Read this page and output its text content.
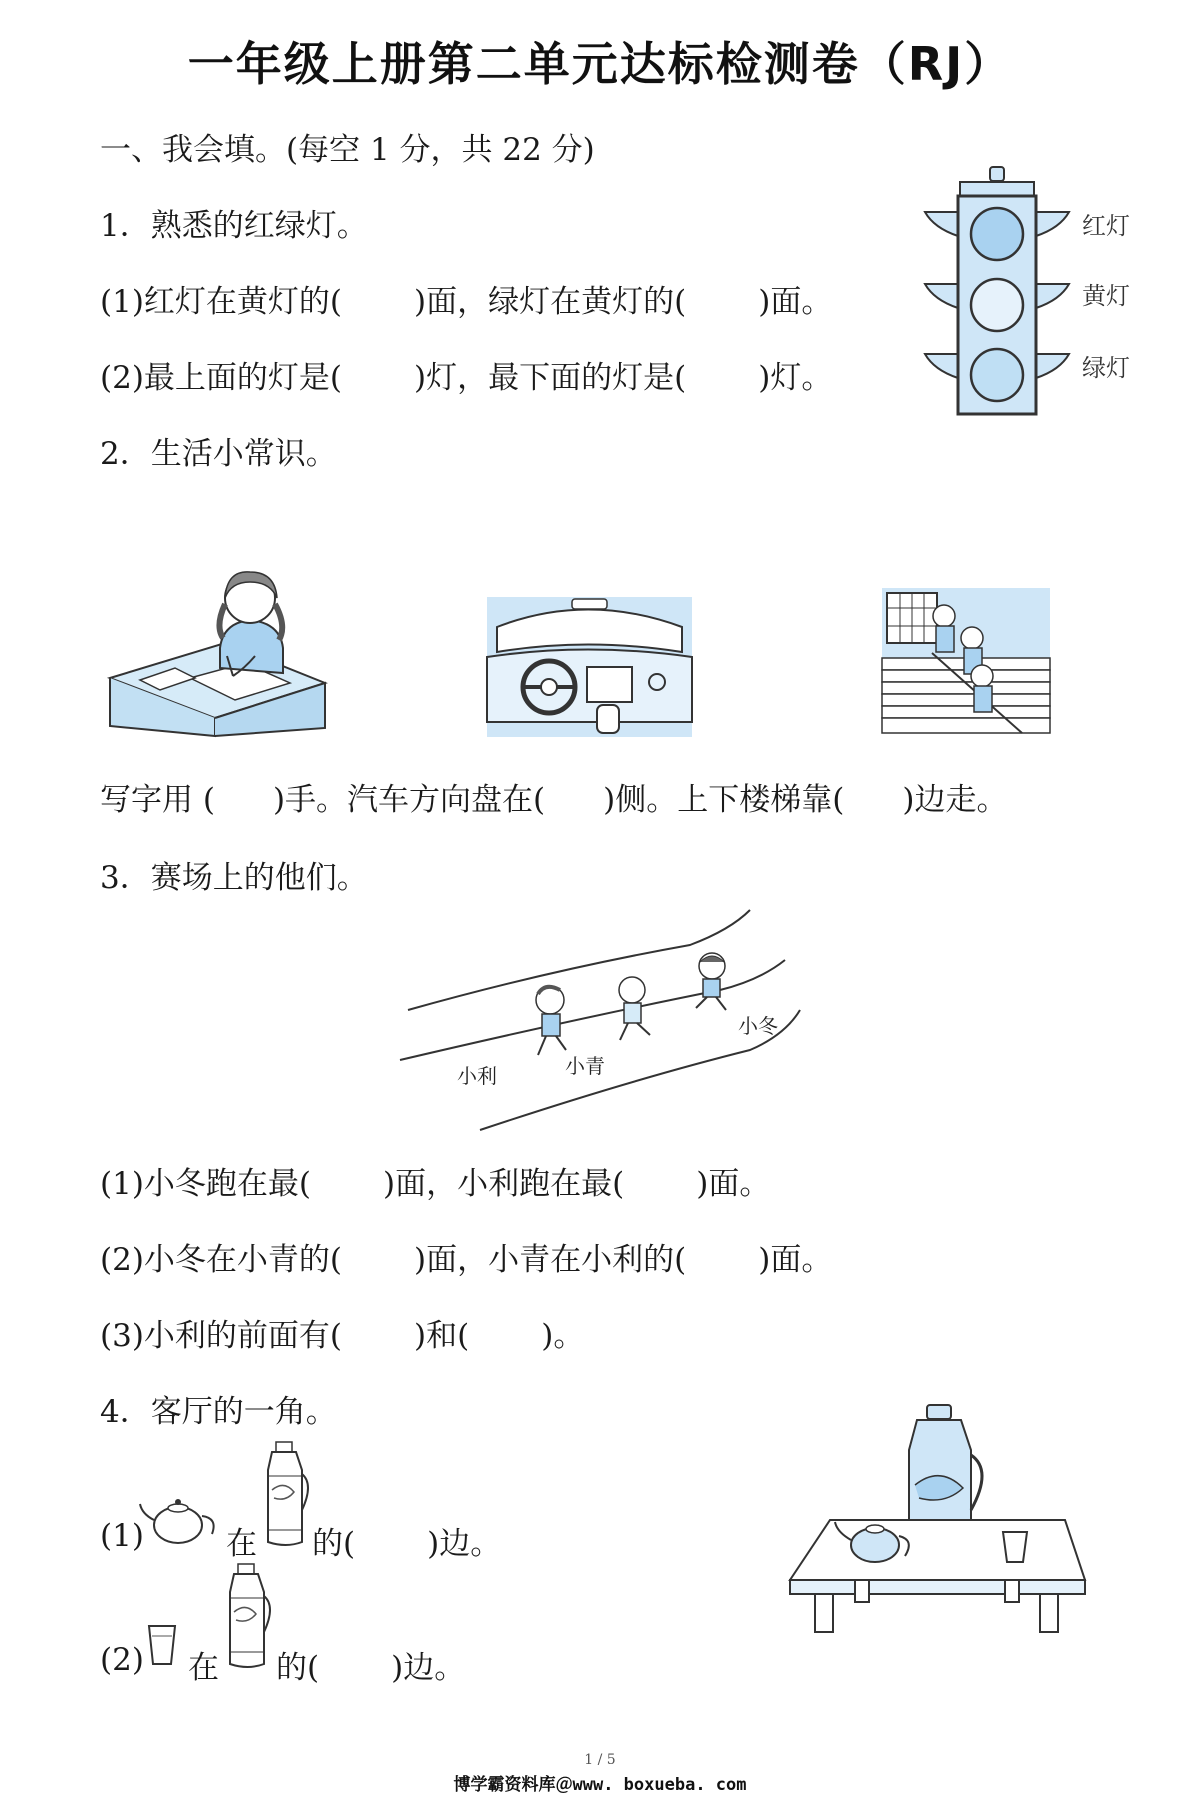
一年级上册第二单元达标检测卷（RJ）
一、我会填。(每空 1 分，共 22 分)
1．熟悉的红绿灯。
(1)红灯在黄灯的( )面，绿灯在黄灯的( )面。
(2)最上面的灯是( )灯，最下面的灯是( )灯。
红灯
黄灯
绿灯
2．生活小常识。
写字用 ( )手。汽车方向盘在( )侧。上下楼梯靠( )边走。
3．赛场上的他们。
小利	小青
小冬
(1)小冬跑在最( )面，小利跑在最( )面。
(2)小冬在小青的( )面，小青在小利的( )面。
(3)小利的前面有( )和( )。
4．客厅的一角。
(1)	在 的( )边。
(2) 在 的( )边。
1 / 5
博学霸资料库＠www. boxueba. com
